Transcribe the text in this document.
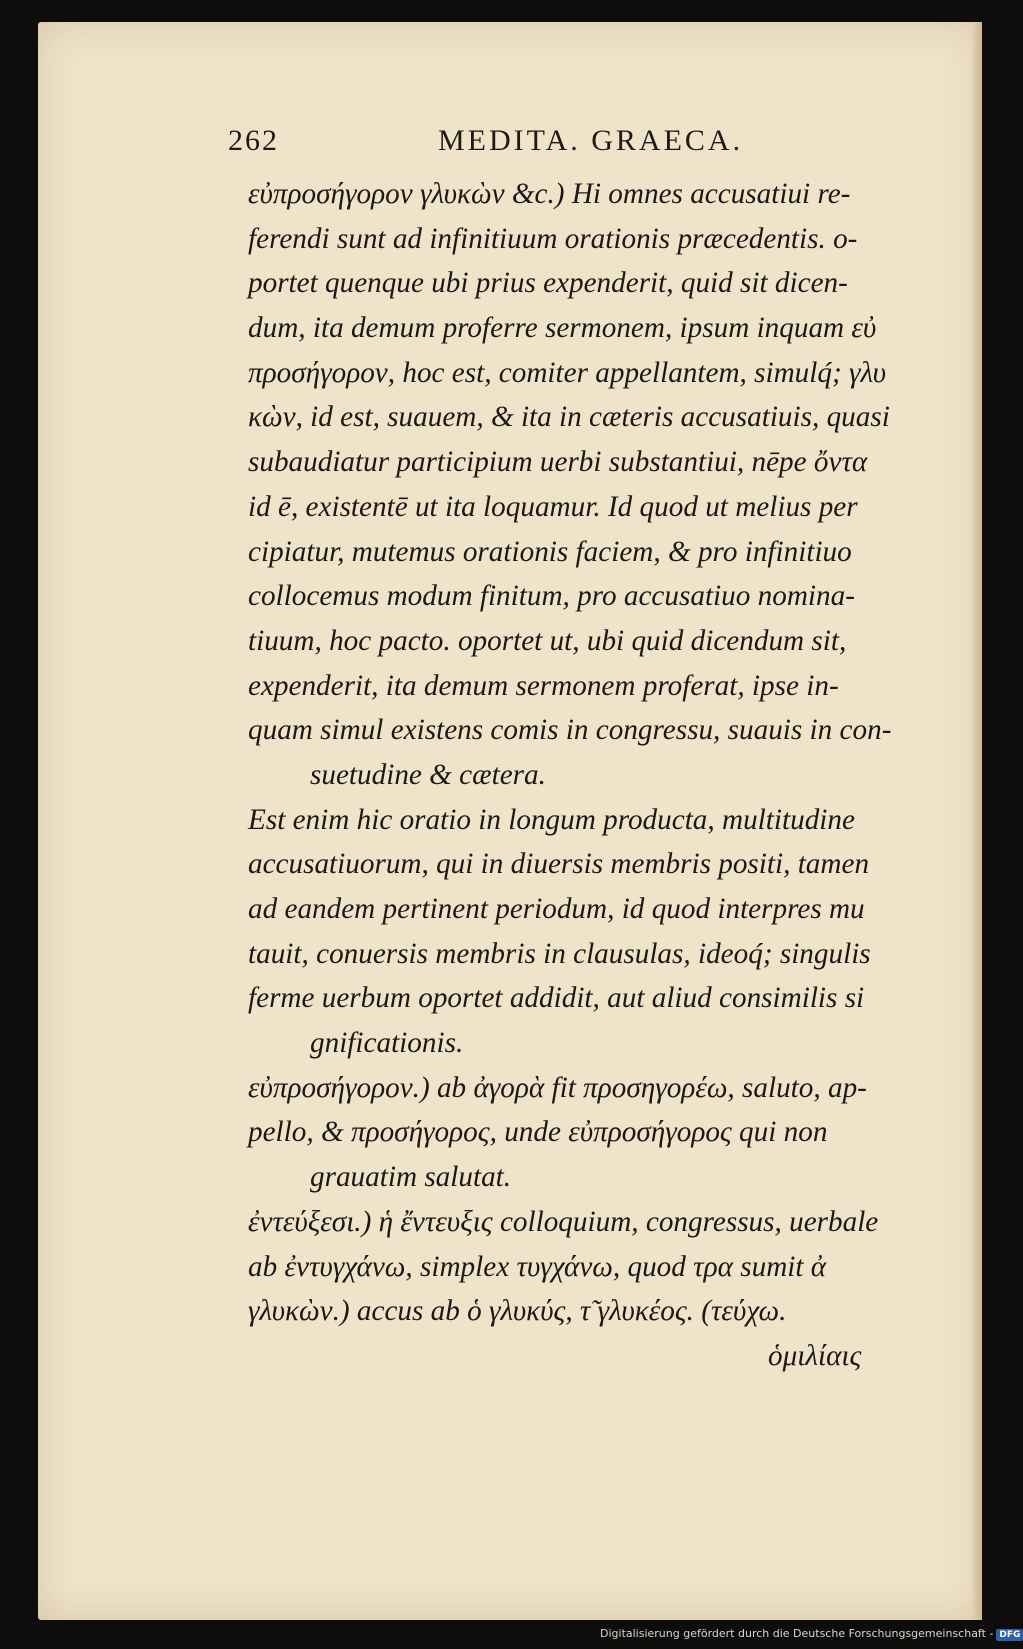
262	MEDITA. GRAECA.
εὐπροσήγορον γλυκὼν &c.) Hi omnes accusatiui re-
ferendi sunt ad infinitiuum orationis præcedentis. o-
portet quenque ubi prius expenderit, quid sit dicen-
dum, ita demum proferre sermonem, ipsum inquam εὐ
προσήγορον, hoc est, comiter appellantem, simulq́; γλυ
κὼν, id est, suauem, & ita in cæteris accusatiuis, quasi
subaudiatur participium uerbi substantiui, nēpe ὄντα
id ē, existentē ut ita loquamur. Id quod ut melius per
cipiatur, mutemus orationis faciem, & pro infinitiuo
collocemus modum finitum, pro accusatiuo nomina-
tiuum, hoc pacto. oportet ut, ubi quid dicendum sit,
expenderit, ita demum sermonem proferat, ipse in-
quam simul existens comis in congressu, suauis in con-
suetudine & cætera.
Est enim hic oratio in longum producta, multitudine
accusatiuorum, qui in diuersis membris positi, tamen
ad eandem pertinent periodum, id quod interpres mu
tauit, conuersis membris in clausulas, ideoq́; singulis
ferme uerbum oportet addidit, aut aliud consimilis si
gnificationis.
εὐπροσήγορον.) ab ἀγορὰ fit προσηγορέω, saluto, ap-
pello, & προσήγορος, unde εὐπροσήγορος qui non
grauatim salutat.
ἐντεύξεσι.) ἡ ἔντευξις colloquium, congressus, uerbale
ab ἐντυγχάνω, simplex τυγχάνω, quod τρα sumit ἀ
γλυκὼν.) accus ab ὁ γλυκύς, τ̃ γλυκέος. (τεύχω.
ὁμιλίαις
Digitalisierung gefördert durch die Deutsche Forschungsgemeinschaft - DFG
